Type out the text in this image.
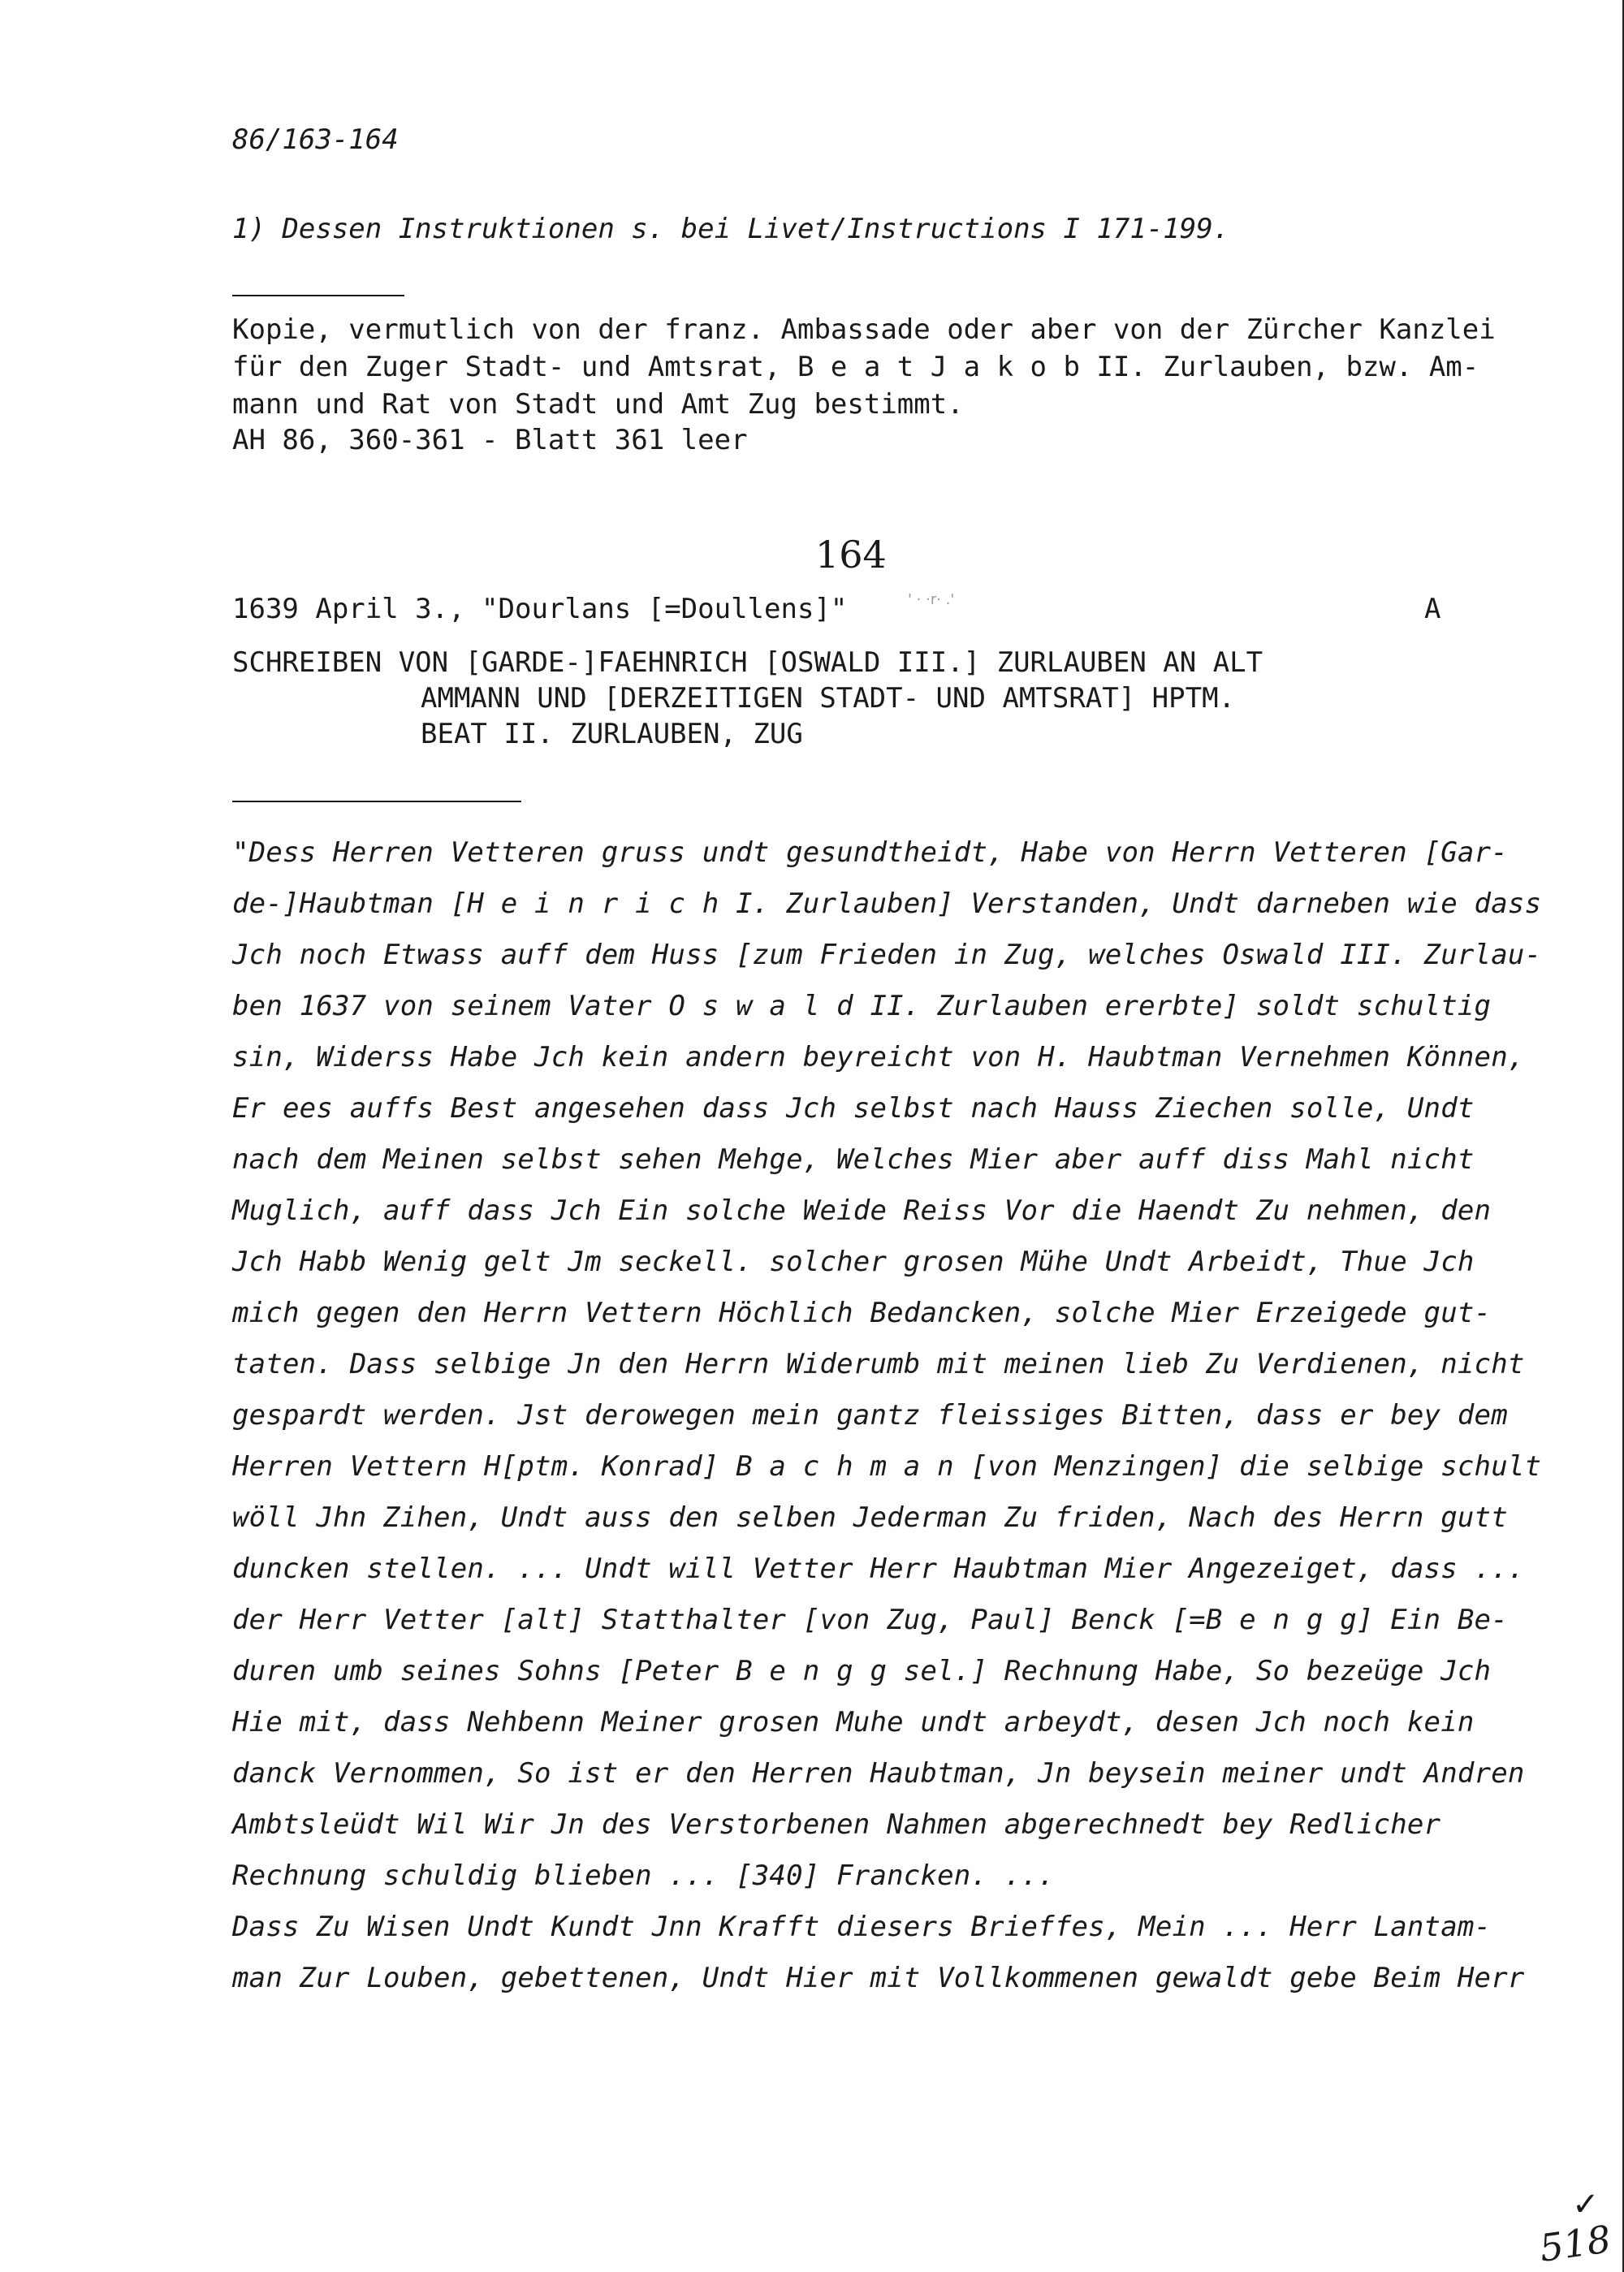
86/163-164
1) Dessen Instruktionen s. bei Livet/Instructions I 171-199.
Kopie, vermutlich von der franz. Ambassade oder aber von der Zürcher Kanzlei
für den Zuger Stadt- und Amtsrat, B e a t J a k o b II. Zurlauben, bzw. Am-
mann und Rat von Stadt und Amt Zug bestimmt.
AH 86, 360-361 - Blatt 361 leer
164
1639 April 3., "Dourlans [=Doullens]"	' · ·r· .'	A
SCHREIBEN VON [GARDE-]FAEHNRICH [OSWALD III.] ZURLAUBEN AN ALT
AMMANN UND [DERZEITIGEN STADT- UND AMTSRAT] HPTM.
BEAT II. ZURLAUBEN, ZUG
"Dess Herren Vetteren gruss undt gesundtheidt, Habe von Herrn Vetteren [Gar-
de-]Haubtman [H e i n r i c h I. Zurlauben] Verstanden, Undt darneben wie dass
Jch noch Etwass auff dem Huss [zum Frieden in Zug, welches Oswald III. Zurlau-
ben 1637 von seinem Vater O s w a l d II. Zurlauben ererbte] soldt schultig
sin, Widerss Habe Jch kein andern beyreicht von H. Haubtman Vernehmen Können,
Er ees auffs Best angesehen dass Jch selbst nach Hauss Ziechen solle, Undt
nach dem Meinen selbst sehen Mehge, Welches Mier aber auff diss Mahl nicht
Muglich, auff dass Jch Ein solche Weide Reiss Vor die Haendt Zu nehmen, den
Jch Habb Wenig gelt Jm seckell. solcher grosen Mühe Undt Arbeidt, Thue Jch
mich gegen den Herrn Vettern Höchlich Bedancken, solche Mier Erzeigede gut-
taten. Dass selbige Jn den Herrn Widerumb mit meinen lieb Zu Verdienen, nicht
gespardt werden. Jst derowegen mein gantz fleissiges Bitten, dass er bey dem
Herren Vettern H[ptm. Konrad] B a c h m a n [von Menzingen] die selbige schult
wöll Jhn Zihen, Undt auss den selben Jederman Zu friden, Nach des Herrn gutt
duncken stellen. ... Undt will Vetter Herr Haubtman Mier Angezeiget, dass ...
der Herr Vetter [alt] Statthalter [von Zug, Paul] Benck [=B e n g g] Ein Be-
duren umb seines Sohns [Peter B e n g g sel.] Rechnung Habe, So bezeüge Jch
Hie mit, dass Nehbenn Meiner grosen Muhe undt arbeydt, desen Jch noch kein
danck Vernommen, So ist er den Herren Haubtman, Jn beysein meiner undt Andren
Ambtsleüdt Wil Wir Jn des Verstorbenen Nahmen abgerechnedt bey Redlicher
Rechnung schuldig blieben ... [340] Francken. ...
Dass Zu Wisen Undt Kundt Jnn Krafft diesers Brieffes, Mein ... Herr Lantam-
man Zur Louben, gebettenen, Undt Hier mit Vollkommenen gewaldt gebe Beim Herr
✓
518
